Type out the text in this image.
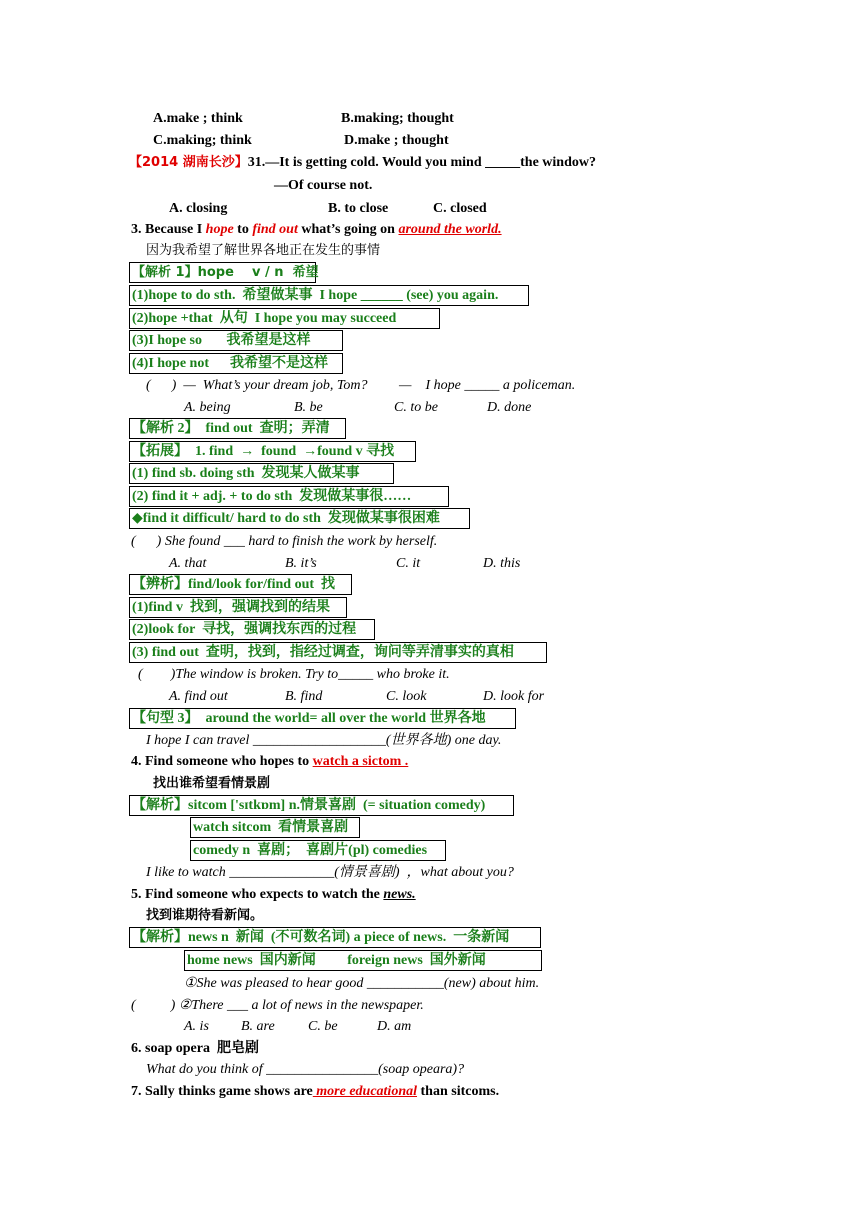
A.make ; think	B.making; thought
C.making; think	D.make ; thought
【2014 湖南长沙】31.—It is getting cold. Would you mind _____the window?
—Of course not.
A. closing	B. to close	C. closed
3. Because I hope to find out what’s going on around the world.
因为我希望了解世界各地正在发生的事情
【解析 1】hope    v / n  希望
(1)hope to do sth.  希望做某事  I hope ______ (see) you again.
(2)hope +that  从句  I hope you may succeed
(3)I hope so       我希望是这样
(4)I hope not      我希望不是这样
(      )  —  What’s your dream job, Tom?         —    I hope _____ a policeman.
A. being	B. be	C. to be	D. done
【解析 2】  find out  查明；弄清
【拓展】  1. find  →  found  →found v 寻找
(1) find sb. doing sth  发现某人做某事
(2) find it + adj. + to do sth  发现做某事很……
◆find it difficult/ hard to do sth  发现做某事很困难
(      ) She found ___ hard to finish the work by herself.
A. that	B. it’s	C. it	D. this
【辨析】find/look for/find out  找
(1)find v  找到，强调找到的结果
(2)look for  寻找，强调找东西的过程
(3) find out  查明，找到，指经过调查，询问等弄清事实的真相
(        )The window is broken. Try to_____ who broke it.
A. find out	B. find	C. look	D. look for
【句型 3】  around the world= all over the world 世界各地
I hope I can travel ___________________(世界各地) one day.
4. Find someone who hopes to watch a sictom .
找出谁希望看情景剧
【解析】sitcom ['sɪtkɒm] n.情景喜剧  (= situation comedy)
watch sitcom  看情景喜剧
comedy n  喜剧；  喜剧片(pl) comedies
I like to watch _______________(情景喜剧)  ，what about you?
5. Find someone who expects to watch the news.
找到谁期待看新闻。
【解析】news n  新闻  (不可数名词) a piece of news.  一条新闻
home news  国内新闻         foreign news  国外新闻
①She was pleased to hear good ___________(new) about him.
(          ) ②There ___ a lot of news in the newspaper.
A. is B. are C. be	D. am
6. soap opera  肥皂剧
What do you think of ________________(soap opeara)?
7. Sally thinks game shows are more educational than sitcoms.
